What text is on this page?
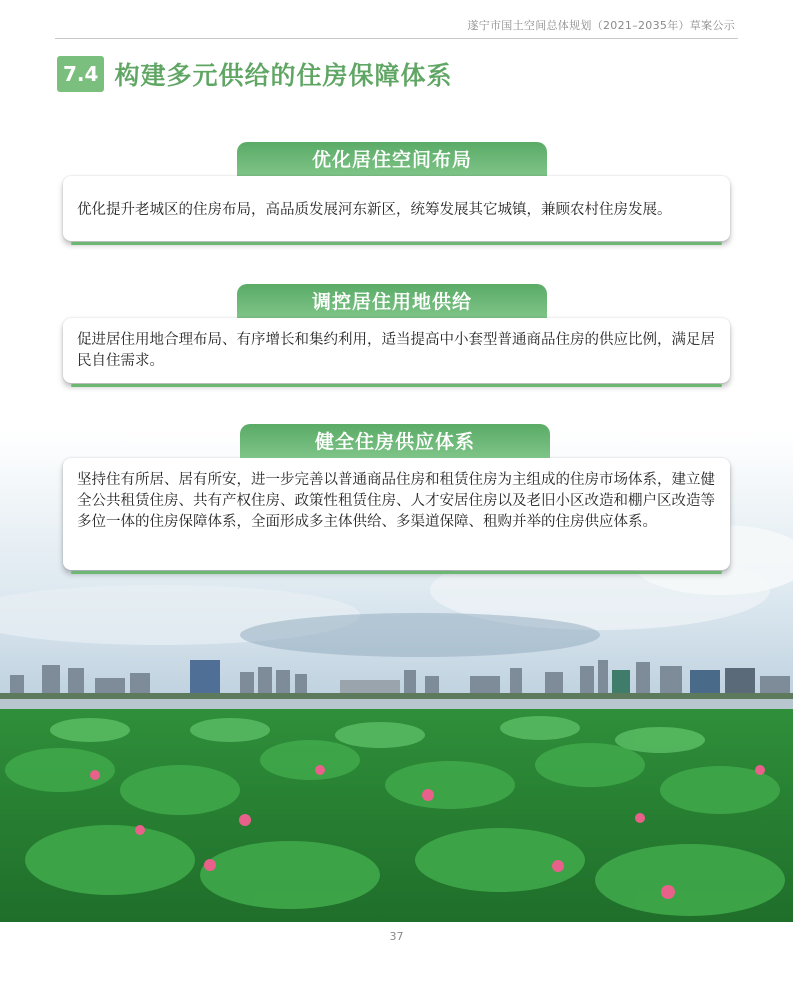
遂宁市国土空间总体规划（2021–2035年）草案公示
7.4 构建多元供给的住房保障体系
优化居住空间布局
优化提升老城区的住房布局，高品质发展河东新区，统筹发展其它城镇，兼顾农村住房发展。
调控居住用地供给
促进居住用地合理布局、有序增长和集约利用，适当提高中小套型普通商品住房的供应比例，满足居民自住需求。
健全住房供应体系
坚持住有所居、居有所安，进一步完善以普通商品住房和租赁住房为主组成的住房市场体系，建立健全公共租赁住房、共有产权住房、政策性租赁住房、人才安居住房以及老旧小区改造和棚户区改造等多位一体的住房保障体系，全面形成多主体供给、多渠道保障、租购并举的住房供应体系。
37
